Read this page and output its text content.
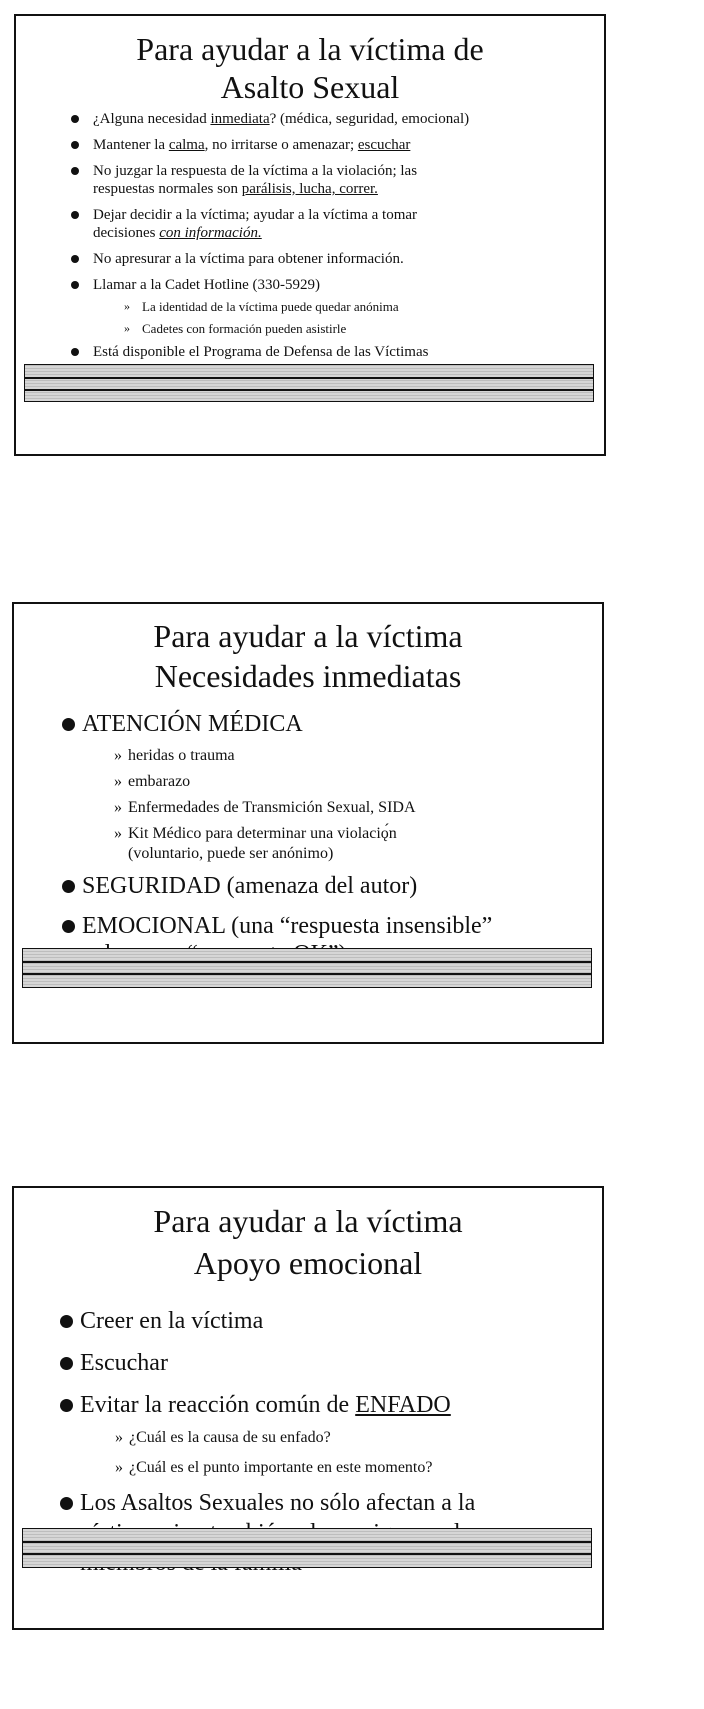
Para ayudar a la víctima de
Asalto Sexual
¿Alguna necesidad inmediata? (médica, seguridad, emocional)
Mantener la calma, no irritarse o amenazar; escuchar
No juzgar la respuesta de la víctima a la violación; las
respuestas normales son parálisis, lucha, correr.
Dejar decidir a la víctima; ayudar a la víctima a tomar
decisiones con información.
No apresurar a la víctima para obtener información.
Llamar a la Cadet Hotline (330-5929)
» La identidad de la víctima puede quedar anónima
» Cadetes con formación pueden asistirle
Está disponible el Programa de Defensa de las Víctimas
Para ayudar a la víctima
Necesidades inmediatas
ATENCIÓN MÉDICA
» heridas o trauma
» embarazo
» Enfermedades de Transmición Sexual, SIDA
» Kit Médico para determinar una violaciǫ́n
(voluntario, puede ser anónimo)
SEGURIDAD (amenaza del autor)
EMOCIONAL (una “respuesta insensible”

Para ayudar a la víctima
Apoyo emocional
Creer en la víctima
Escuchar
Evitar la reacción común de ENFADO
» ¿Cuál es la causa de su enfado?
» ¿Cuál es el punto importante en este momento?
Los Asaltos Sexuales no sólo afectan a la
